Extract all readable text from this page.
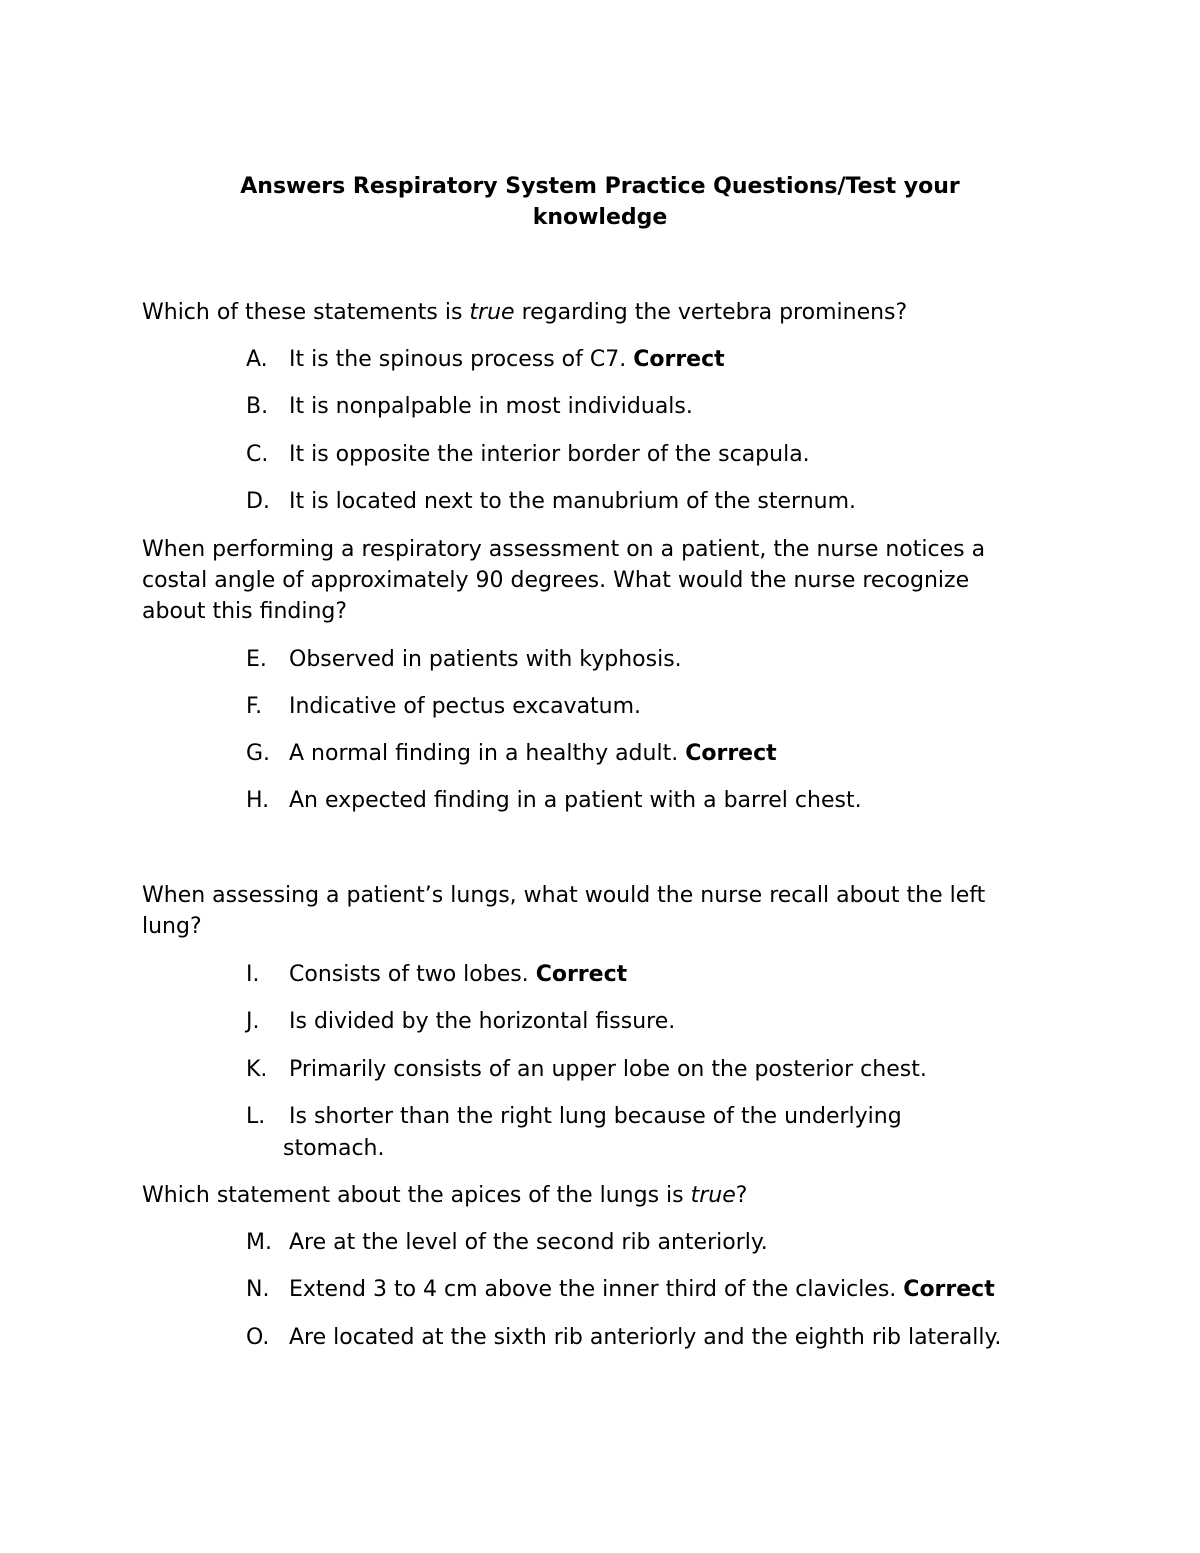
Answers Respiratory System Practice Questions/Test your
knowledge
Which of these statements is true regarding the vertebra prominens?
A. It is the spinous process of C7. Correct
B. It is nonpalpable in most individuals.
C. It is opposite the interior border of the scapula.
D. It is located next to the manubrium of the sternum.
When performing a respiratory assessment on a patient, the nurse notices a
costal angle of approximately 90 degrees. What would the nurse recognize
about this finding?
E.	Observed in patients with kyphosis.
F.	Indicative of pectus excavatum.
G. A normal finding in a healthy adult. Correct
H. An expected finding in a patient with a barrel chest.
When assessing a patient’s lungs, what would the nurse recall about the left
lung?
I.	Consists of two lobes. Correct
J.	Is divided by the horizontal fissure.
K. Primarily consists of an upper lobe on the posterior chest.
L.	Is shorter than the right lung because of the underlying
stomach.
Which statement about the apices of the lungs is true?
M. Are at the level of the second rib anteriorly.
N. Extend 3 to 4 cm above the inner third of the clavicles. Correct
O. Are located at the sixth rib anteriorly and the eighth rib laterally.
